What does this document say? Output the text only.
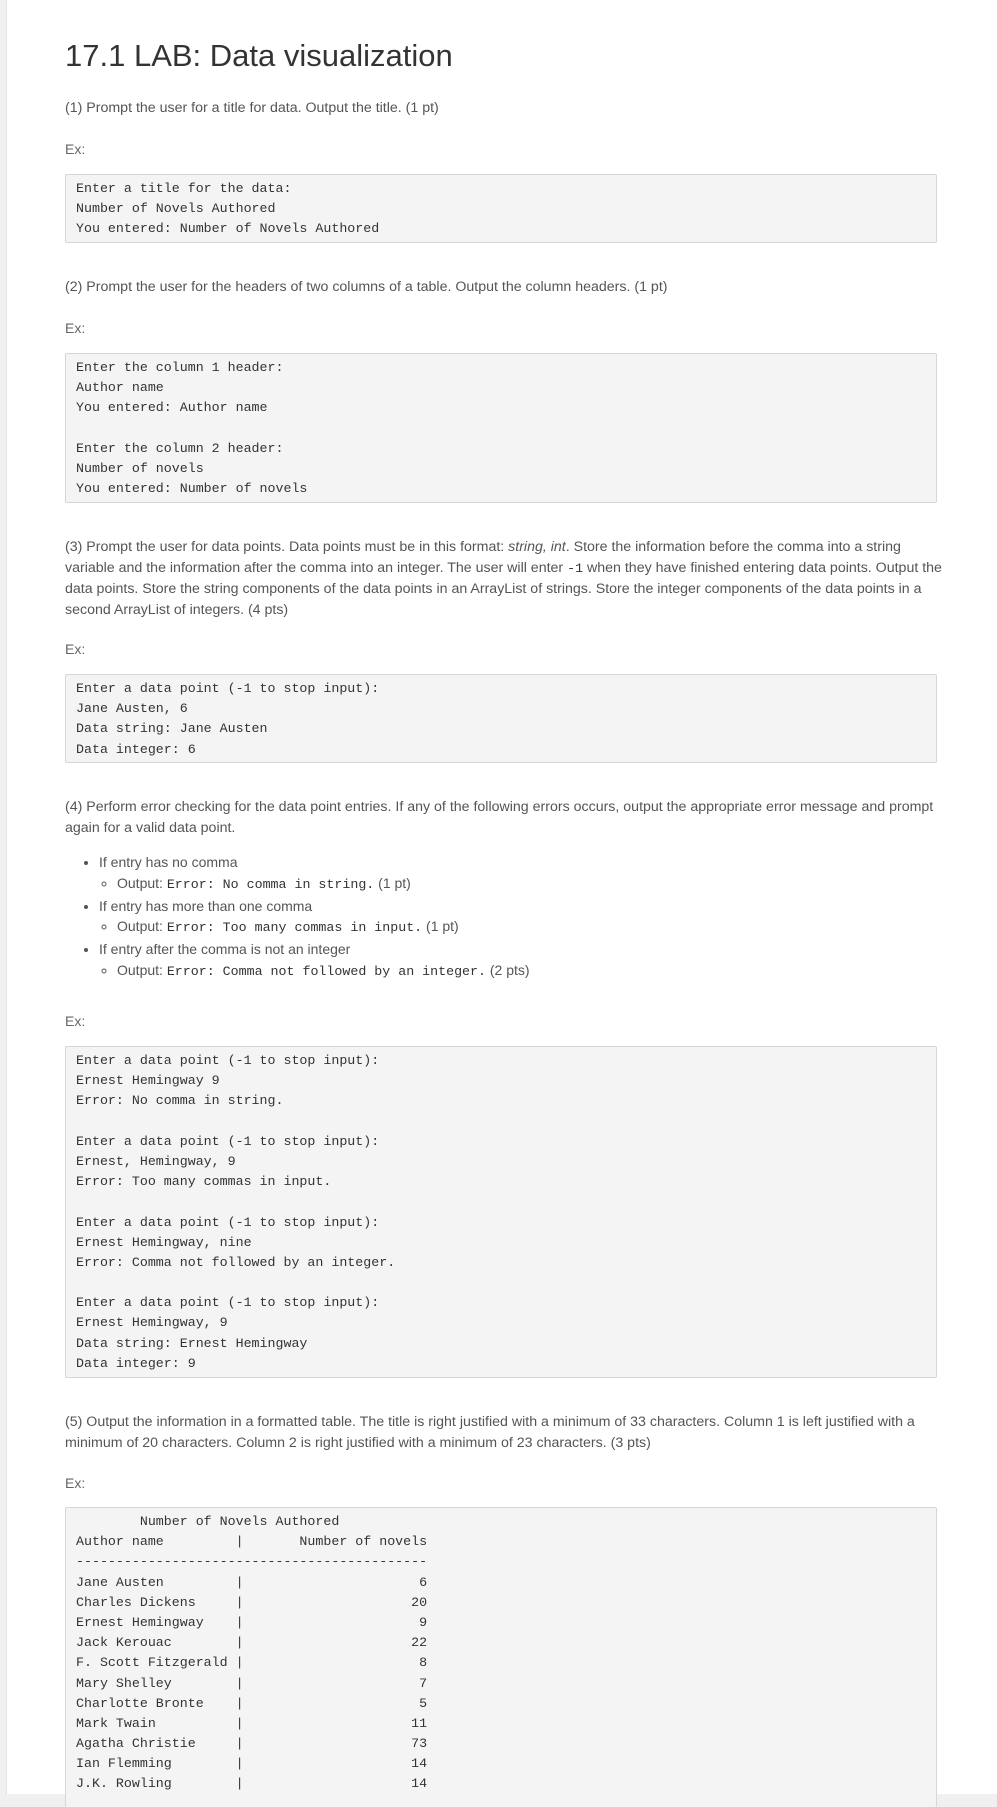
17.1 LAB: Data visualization

(1) Prompt the user for a title for data. Output the title. (1 pt)

Ex:
Enter a title for the data:
Number of Novels Authored
You entered: Number of Novels Authored

(2) Prompt the user for the headers of two columns of a table. Output the column headers. (1 pt)

Ex:
Enter the column 1 header:
Author name
You entered: Author name
Enter the column 2 header:
Number of novels
You entered: Number of novels

(3) Prompt the user for data points. Data points must be in this format: string, int. Store the information before the comma into a string variable and the information after the comma into an integer. The user will enter -1 when they have finished entering data points. Output the data points. Store the string components of the data points in an ArrayList of strings. Store the integer components of the data points in a second ArrayList of integers. (4 pts)

Ex:
Enter a data point (-1 to stop input):
Jane Austen, 6
Data string: Jane Austen
Data integer: 6

(4) Perform error checking for the data point entries. If any of the following errors occurs, output the appropriate error message and prompt again for a valid data point.

• If entry has no comma
◦ Output: Error: No comma in string. (1 pt)
• If entry has more than one comma
◦ Output: Error: Too many commas in input. (1 pt)
• If entry after the comma is not an integer
◦ Output: Error: Comma not followed by an integer. (2 pts)
Ex:
Enter a data point (-1 to stop input):
Ernest Hemingway 9
Error: No comma in string.
Enter a data point (-1 to stop input):
Ernest, Hemingway, 9
Error: Too many commas in input.
Enter a data point (-1 to stop input):
Ernest Hemingway, nine
Error: Comma not followed by an integer.
Enter a data point (-1 to stop input):
Ernest Hemingway, 9
Data string: Ernest Hemingway
Data integer: 9

(5) Output the information in a formatted table. The title is right justified with a minimum of 33 characters. Column 1 is left justified with a minimum of 20 characters. Column 2 is right justified with a minimum of 23 characters. (3 pts)

Ex:
Number of Novels Authored
Author name         |       Number of novels
--------------------------------------------
Jane Austen         |                      6
Charles Dickens     |                     20
Ernest Hemingway    |                      9
Jack Kerouac        |                     22
F. Scott Fitzgerald |                      8
Mary Shelley        |                      7
Charlotte Bronte    |                      5
Mark Twain          |                     11
Agatha Christie     |                     73
Ian Flemming        |                     14
J.K. Rowling        |                     14
